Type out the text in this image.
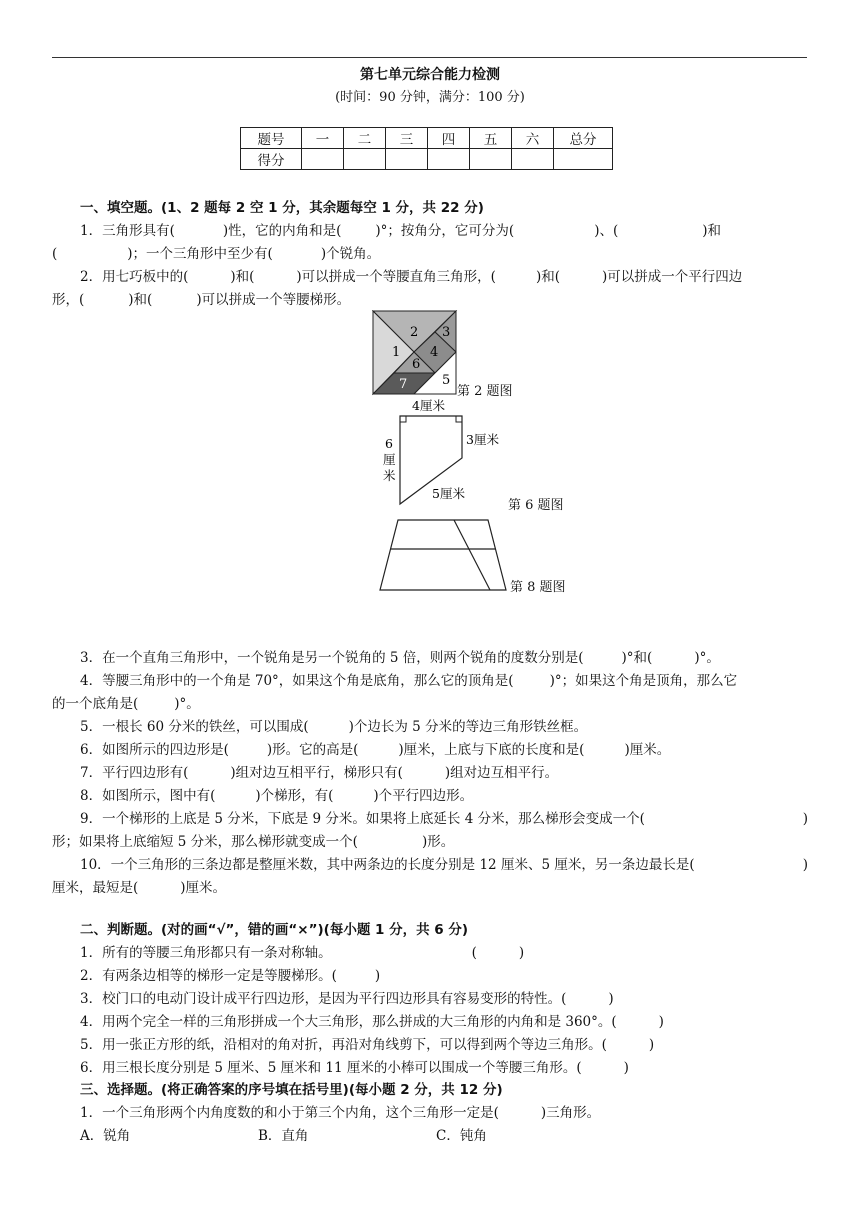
第七单元综合能力检测
(时间：90 分钟，满分：100 分)
题号	一	二	三	四	五	六	总分
得分							
一、填空题。(1、2 题每 2 空 1 分，其余题每空 1 分，共 22 分)
1．三角形具有(	)性，它的内角和是(	)°；按角分，它可分为(	)、(	)和
(	)；一个三角形中至少有(	)个锐角。
2．用七巧板中的(	)和(	)可以拼成一个等腰直角三角形，(	)和(	)可以拼成一个平行四边
形，(	)和(	)可以拼成一个等腰梯形。
1
2 3
4
5
6
7	第 2 题图
4厘米
3厘米
6
厘
米
5厘米
第 6 题图
第 8 题图
3．在一个直角三角形中，一个锐角是另一个锐角的 5 倍，则两个锐角的度数分别是(	)°和(	)°。
4．等腰三角形中的一个角是 70°，如果这个角是底角，那么它的顶角是(	)°；如果这个角是顶角，那么它
的一个底角是(	)°。
5．一根长 60 分米的铁丝，可以围成(	)个边长为 5 分米的等边三角形铁丝框。
6．如图所示的四边形是(	)形。它的高是(	)厘米，上底与下底的长度和是(	)厘米。
7．平行四边形有(	)组对边互相平行，梯形只有(	)组对边互相平行。
8．如图所示，图中有(	)个梯形，有(	)个平行四边形。
9．一个梯形的上底是 5 分米，下底是 9 分米。如果将上底延长 4 分米，那么梯形会变成一个(	)
形；如果将上底缩短 5 分米，那么梯形就变成一个(	)形。
10．一个三角形的三条边都是整厘米数，其中两条边的长度分别是 12 厘米、5 厘米，另一条边最长是(	)
厘米，最短是(	)厘米。
二、判断题。(对的画“√”，错的画“×”)(每小题 1 分，共 6 分)
1．所有的等腰三角形都只有一条对称轴。	(	)
2．有两条边相等的梯形一定是等腰梯形。(	)
3．校门口的电动门设计成平行四边形，是因为平行四边形具有容易变形的特性。(	)
4．用两个完全一样的三角形拼成一个大三角形，那么拼成的大三角形的内角和是 360°。(	)
5．用一张正方形的纸，沿相对的角对折，再沿对角线剪下，可以得到两个等边三角形。(	)
6．用三根长度分别是 5 厘米、5 厘米和 11 厘米的小棒可以围成一个等腰三角形。(	)
三、选择题。(将正确答案的序号填在括号里)(每小题 2 分，共 12 分)
1．一个三角形两个内角度数的和小于第三个内角，这个三角形一定是(	)三角形。
A．锐角	B．直角	C．钝角
